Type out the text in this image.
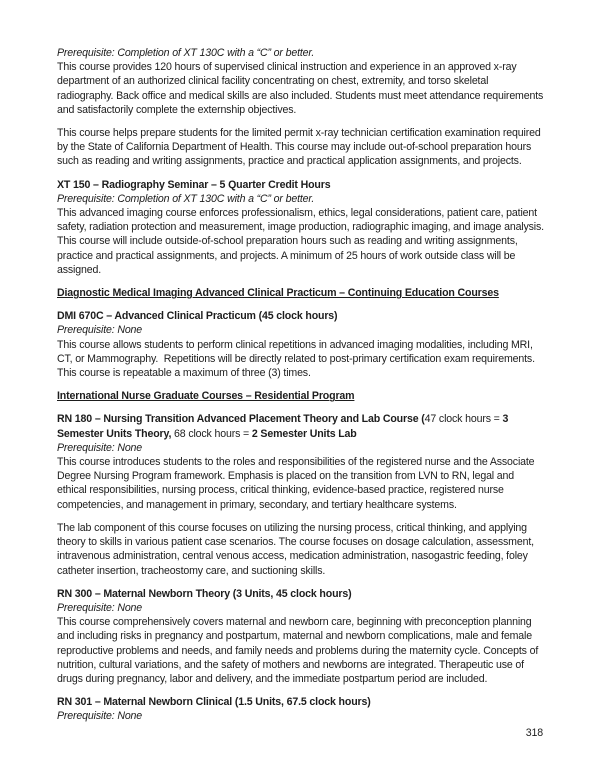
Prerequisite: Completion of XT 130C with a “C” or better.
This course provides 120 hours of supervised clinical instruction and experience in an approved x-ray department of an authorized clinical facility concentrating on chest, extremity, and torso skeletal radiography. Back office and medical skills are also included. Students must meet attendance requirements and satisfactorily complete the externship objectives.
This course helps prepare students for the limited permit x-ray technician certification examination required by the State of California Department of Health. This course may include out-of-school preparation hours such as reading and writing assignments, practice and practical application assignments, and projects.
XT 150 – Radiography Seminar – 5 Quarter Credit Hours
Prerequisite: Completion of XT 130C with a “C” or better.
This advanced imaging course enforces professionalism, ethics, legal considerations, patient care, patient safety, radiation protection and measurement, image production, radiographic imaging, and image analysis. This course will include outside-of-school preparation hours such as reading and writing assignments, practice and practical assignments, and projects. A minimum of 25 hours of work outside class will be assigned.
Diagnostic Medical Imaging Advanced Clinical Practicum – Continuing Education Courses
DMI 670C – Advanced Clinical Practicum (45 clock hours)
Prerequisite: None
This course allows students to perform clinical repetitions in advanced imaging modalities, including MRI, CT, or Mammography.  Repetitions will be directly related to post-primary certification exam requirements. This course is repeatable a maximum of three (3) times.
International Nurse Graduate Courses – Residential Program
RN 180 – Nursing Transition Advanced Placement Theory and Lab Course (47 clock hours = 3 Semester Units Theory, 68 clock hours = 2 Semester Units Lab
Prerequisite: None
This course introduces students to the roles and responsibilities of the registered nurse and the Associate Degree Nursing Program framework. Emphasis is placed on the transition from LVN to RN, legal and ethical responsibilities, nursing process, critical thinking, evidence-based practice, registered nurse competencies, and management in primary, secondary, and tertiary healthcare systems.
The lab component of this course focuses on utilizing the nursing process, critical thinking, and applying theory to skills in various patient case scenarios. The course focuses on dosage calculation, assessment, intravenous administration, central venous access, medication administration, nasogastric feeding, foley catheter insertion, tracheostomy care, and suctioning skills.
RN 300 – Maternal Newborn Theory (3 Units, 45 clock hours)
Prerequisite: None
This course comprehensively covers maternal and newborn care, beginning with preconception planning and including risks in pregnancy and postpartum, maternal and newborn complications, male and female reproductive problems and needs, and family needs and problems during the maternity cycle. Concepts of nutrition, cultural variations, and the safety of mothers and newborns are integrated. Therapeutic use of drugs during pregnancy, labor and delivery, and the immediate postpartum period are included.
RN 301 – Maternal Newborn Clinical (1.5 Units, 67.5 clock hours)
Prerequisite: None
318
